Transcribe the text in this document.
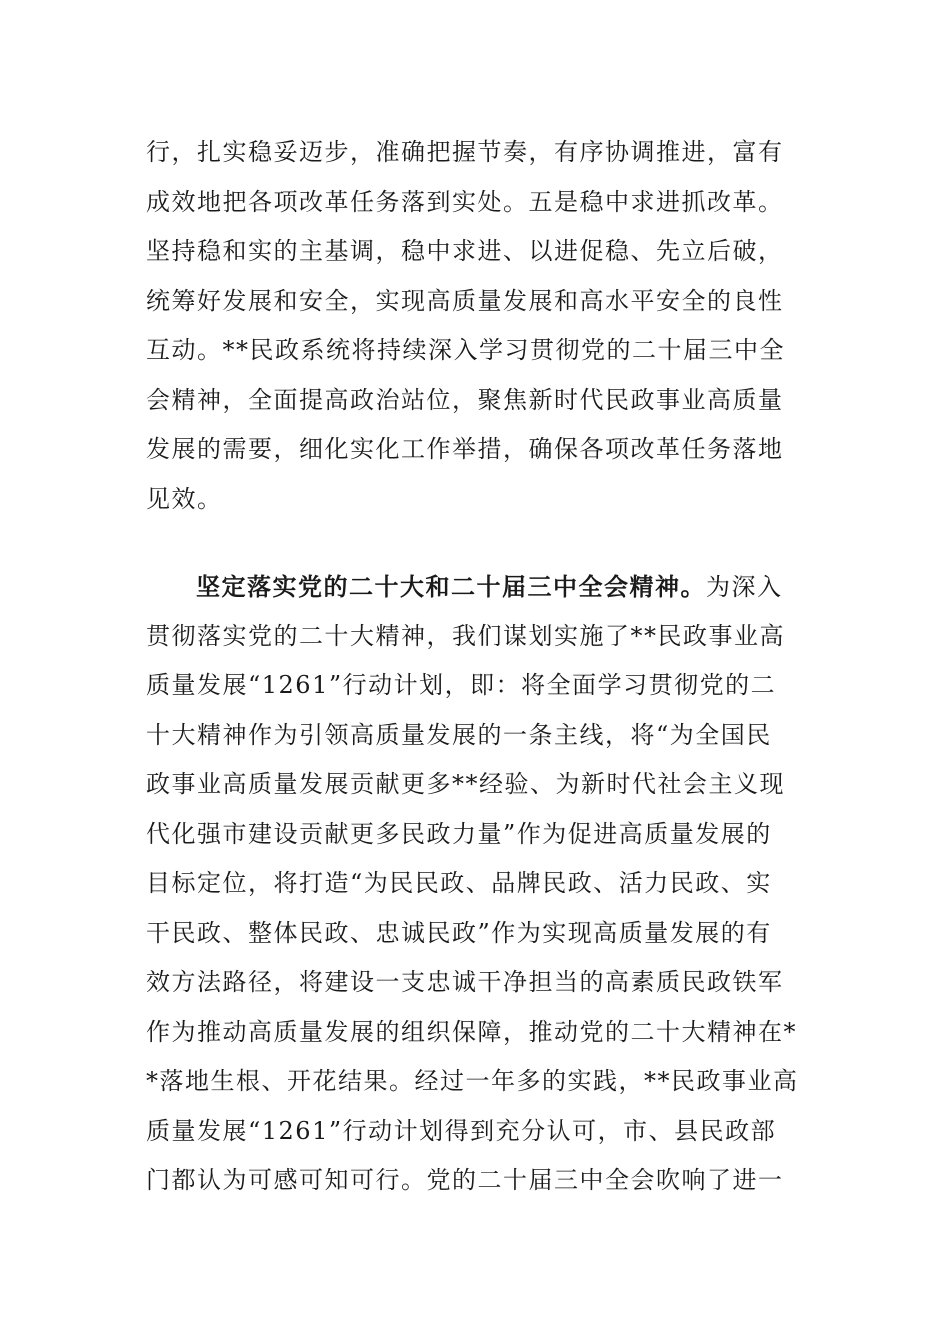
行，扎实稳妥迈步，准确把握节奏，有序协调推进，富有
成效地把各项改革任务落到实处。五是稳中求进抓改革。
坚持稳和实的主基调，稳中求进、以进促稳、先立后破，
统筹好发展和安全，实现高质量发展和高水平安全的良性
互动。**民政系统将持续深入学习贯彻党的二十届三中全
会精神，全面提高政治站位，聚焦新时代民政事业高质量
发展的需要，细化实化工作举措，确保各项改革任务落地
见效。
坚定落实党的二十大和二十届三中全会精神。为深入
贯彻落实党的二十大精神，我们谋划实施了**民政事业高
质量发展“1261”行动计划，即：将全面学习贯彻党的二
十大精神作为引领高质量发展的一条主线，将“为全国民
政事业高质量发展贡献更多**经验、为新时代社会主义现
代化强市建设贡献更多民政力量”作为促进高质量发展的
目标定位，将打造“为民民政、品牌民政、活力民政、实
干民政、整体民政、忠诚民政”作为实现高质量发展的有
效方法路径，将建设一支忠诚干净担当的高素质民政铁军
作为推动高质量发展的组织保障，推动党的二十大精神在*
*落地生根、开花结果。经过一年多的实践，**民政事业高
质量发展“1261”行动计划得到充分认可，市、县民政部
门都认为可感可知可行。党的二十届三中全会吹响了进一
